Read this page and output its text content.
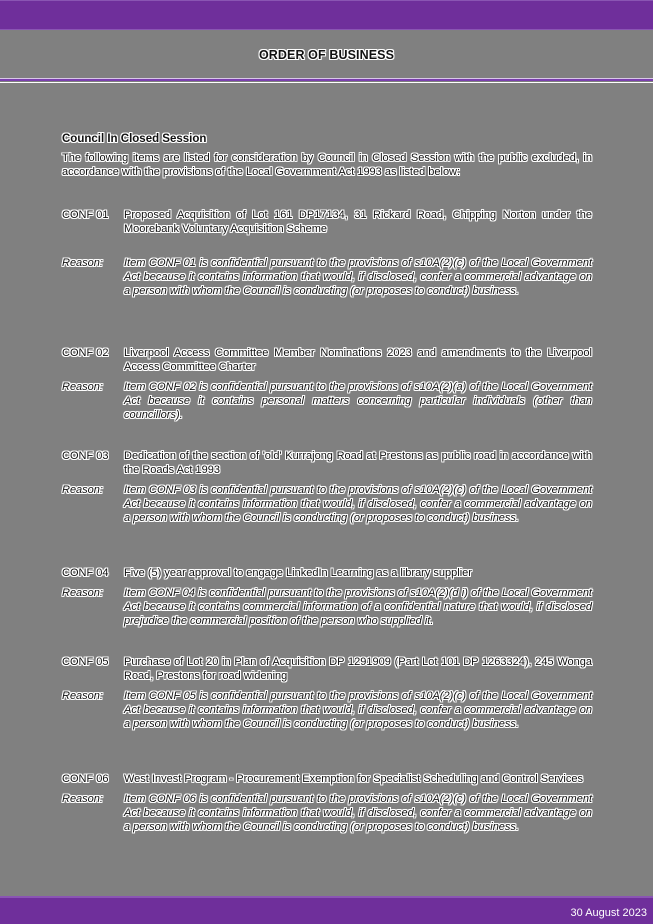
ORDER OF BUSINESS

Council In Closed Session

The following items are listed for consideration by Council in Closed Session with the public excluded, in accordance with the provisions of the Local Government Act 1993 as listed below:

CONF 01	Proposed Acquisition of Lot 161 DP17134, 31 Rickard Road, Chipping Norton under the Moorebank Voluntary Acquisition Scheme
Reason:	Item CONF 01 is confidential pursuant to the provisions of s10A(2)(c) of the Local Government Act because it contains information that would, if disclosed, confer a commercial advantage on a person with whom the Council is conducting (or proposes to conduct) business.
CONF 02	Liverpool Access Committee Member Nominations 2023 and amendments to the Liverpool Access Committee Charter
Reason:	Item CONF 02 is confidential pursuant to the provisions of s10A(2)(a) of the Local Government Act because it contains personal matters concerning particular individuals (other than councillors).
CONF 03	Dedication of the section of 'old' Kurrajong Road at Prestons as public road in accordance with the Roads Act 1993
Reason:	Item CONF 03 is confidential pursuant to the provisions of s10A(2)(c) of the Local Government Act because it contains information that would, if disclosed, confer a commercial advantage on a person with whom the Council is conducting (or proposes to conduct) business.
CONF 04	Five (5) year approval to engage LinkedIn Learning as a library supplier
Reason:	Item CONF 04 is confidential pursuant to the provisions of s10A(2)(d i) of the Local Government Act because it contains commercial information of a confidential nature that would, if disclosed prejudice the commercial position of the person who supplied it.
CONF 05	Purchase of Lot 20 in Plan of Acquisition DP 1291909 (Part Lot 101 DP 1263324), 245 Wonga Road, Prestons for road widening
Reason:	Item CONF 05 is confidential pursuant to the provisions of s10A(2)(c) of the Local Government Act because it contains information that would, if disclosed, confer a commercial advantage on a person with whom the Council is conducting (or proposes to conduct) business.
CONF 06	West Invest Program - Procurement Exemption for Specialist Scheduling and Control Services
Reason:	Item CONF 06 is confidential pursuant to the provisions of s10A(2)(c) of the Local Government Act because it contains information that would, if disclosed, confer a commercial advantage on a person with whom the Council is conducting (or proposes to conduct) business.
30 August 2023
